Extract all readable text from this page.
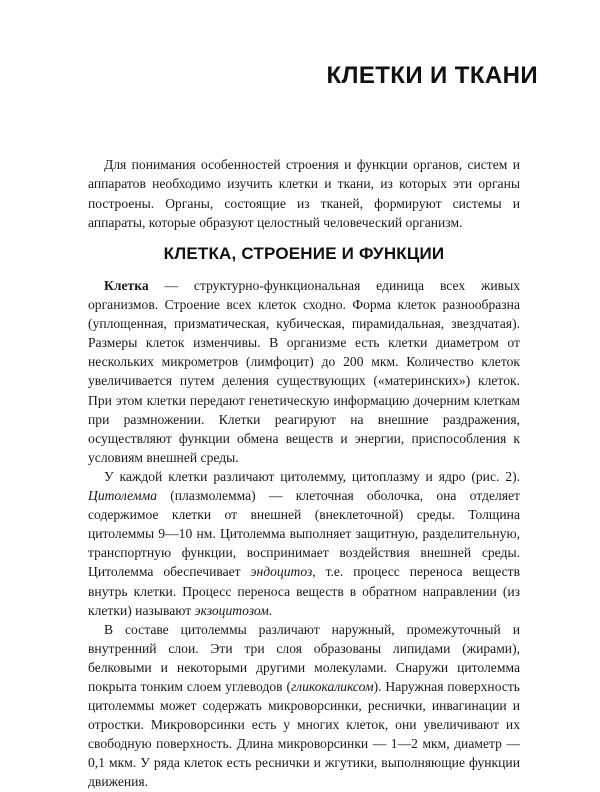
КЛЕТКИ И ТКАНИ

Для понимания особенностей строения и функции органов, систем и аппаратов необходимо изучить клетки и ткани, из которых эти органы построены. Органы, состоящие из тканей, формируют системы и аппараты, которые образуют целостный человеческий организм.

КЛЕТКА, СТРОЕНИЕ И ФУНКЦИИ

Клетка — структурно-функциональная единица всех живых организмов. Строение всех клеток сходно. Форма клеток разнообразна (уплощенная, призматическая, кубическая, пирамидальная, звездчатая). Размеры клеток изменчивы. В организме есть клетки диаметром от нескольких микрометров (лимфоцит) до 200 мкм. Количество клеток увеличивается путем деления существующих («материнских») клеток. При этом клетки передают генетическую информацию дочерним клеткам при размножении. Клетки реагируют на внешние раздражения, осуществляют функции обмена веществ и энергии, приспособления к условиям внешней среды.

У каждой клетки различают цитолемму, цитоплазму и ядро (рис. 2). Цитолемма (плазмолемма) — клеточная оболочка, она отделяет содержимое клетки от внешней (внеклеточной) среды. Толщина цитолеммы 9—10 нм. Цитолемма выполняет защитную, разделительную, транспортную функции, воспринимает воздействия внешней среды. Цитолемма обеспечивает эндоцитоз, т.е. процесс переноса веществ внутрь клетки. Процесс переноса веществ в обратном направлении (из клетки) называют экзоцитозом.

В составе цитолеммы различают наружный, промежуточный и внутренний слои. Эти три слоя образованы липидами (жирами), белковыми и некоторыми другими молекулами. Снаружи цитолемма покрыта тонким слоем углеводов (гликокаликсом). Наружная поверхность цитолеммы может содержать микроворсинки, реснички, инвагинации и отростки. Микроворсинки есть у многих клеток, они увеличивают их свободную поверхность. Длина микроворсинки — 1—2 мкм, диаметр — 0,1 мкм. У ряда клеток есть реснички и жгутики, выполняющие функции движения.
